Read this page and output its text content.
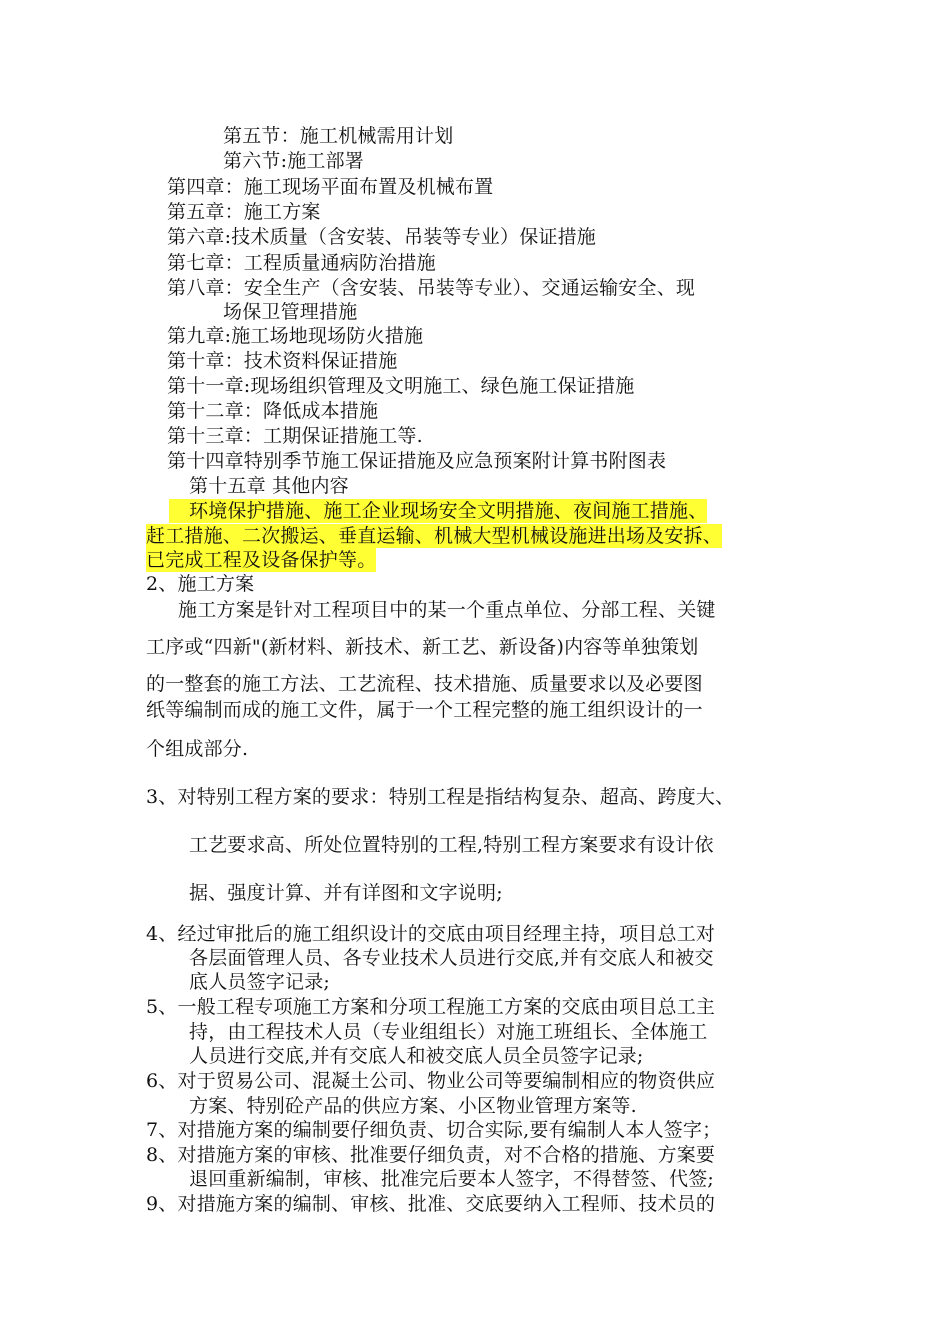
第五节：施工机械需用计划
第六节:施工部署
第四章：施工现场平面布置及机械布置
第五章：施工方案
第六章:技术质量（含安装、吊装等专业）保证措施
第七章：工程质量通病防治措施
第八章：安全生产（含安装、吊装等专业）、交通运输安全、现
场保卫管理措施
第九章:施工场地现场防火措施
第十章：技术资料保证措施
第十一章:现场组织管理及文明施工、绿色施工保证措施
第十二章：降低成本措施
第十三章：工期保证措施工等.
第十四章特别季节施工保证措施及应急预案附计算书附图表
第十五章 其他内容
环境保护措施、施工企业现场安全文明措施、夜间施工措施、
赶工措施、二次搬运、垂直运输、机械大型机械设施进出场及安拆、
已完成工程及设备保护等。
2、施工方案
施工方案是针对工程项目中的某一个重点单位、分部工程、关键
工序或“四新"(新材料、新技术、新工艺、新设备)内容等单独策划
的一整套的施工方法、工艺流程、技术措施、质量要求以及必要图
纸等编制而成的施工文件，属于一个工程完整的施工组织设计的一
个组成部分.
3、对特别工程方案的要求：特别工程是指结构复杂、超高、跨度大、
工艺要求高、所处位置特别的工程,特别工程方案要求有设计依
据、强度计算、并有详图和文字说明;
4、经过审批后的施工组织设计的交底由项目经理主持，项目总工对
各层面管理人员、各专业技术人员进行交底,并有交底人和被交
底人员签字记录;
5、一般工程专项施工方案和分项工程施工方案的交底由项目总工主
持，由工程技术人员（专业组组长）对施工班组长、全体施工
人员进行交底,并有交底人和被交底人员全员签字记录;
6、对于贸易公司、混凝土公司、物业公司等要编制相应的物资供应
方案、特别砼产品的供应方案、小区物业管理方案等.
7、对措施方案的编制要仔细负责、切合实际,要有编制人本人签字；
8、对措施方案的审核、批准要仔细负责，对不合格的措施、方案要
退回重新编制，审核、批准完后要本人签字，不得替签、代签;
9、对措施方案的编制、审核、批准、交底要纳入工程师、技术员的
